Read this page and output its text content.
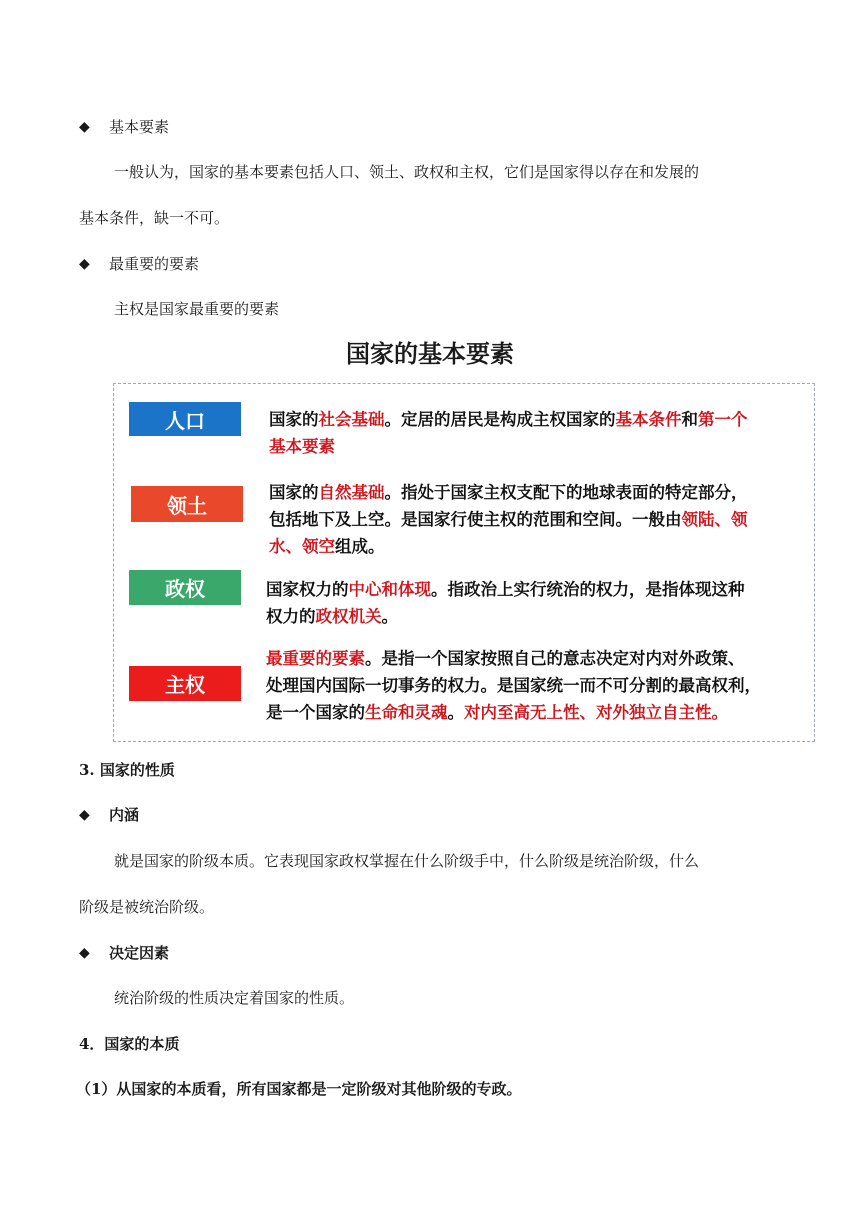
◆ 基本要素
一般认为，国家的基本要素包括人口、领土、政权和主权，它们是国家得以存在和发展的
基本条件，缺一不可。
◆ 最重要的要素
主权是国家最重要的要素
国家的基本要素
人口	国家的社会基础。定居的居民是构成主权国家的基本条件和第一个
基本要素
领土
国家的自然基础。指处于国家主权支配下的地球表面的特定部分，
包括地下及上空。是国家行使主权的范围和空间。一般由领陆、领
水、领空组成。
政权	国家权力的中心和体现。指政治上实行统治的权力，是指体现这种
权力的政权机关。
主权
最重要的要素。是指一个国家按照自己的意志决定对内对外政策、
处理国内国际一切事务的权力。是国家统一而不可分割的最高权利，
是一个国家的生命和灵魂。对内至高无上性、对外独立自主性。
3. 国家的性质
◆ 内涵
就是国家的阶级本质。它表现国家政权掌握在什么阶级手中，什么阶级是统治阶级，什么
阶级是被统治阶级。
◆ 决定因素
统治阶级的性质决定着国家的性质。
4．国家的本质
（1）从国家的本质看，所有国家都是一定阶级对其他阶级的专政。
